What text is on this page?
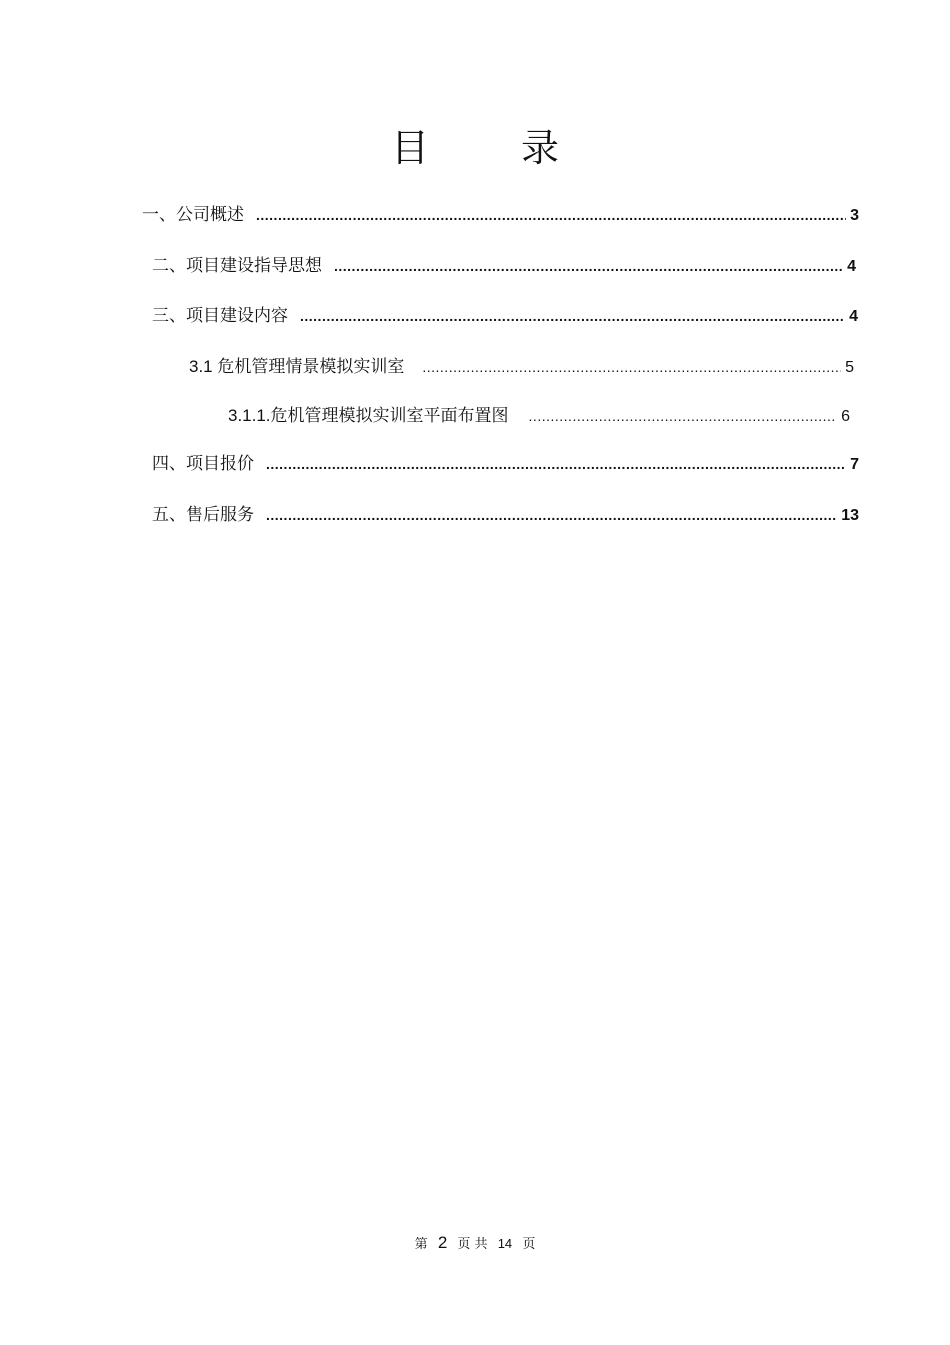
目 录
一、公司概述 .....	3
二、项目建设指导思想 .....	4
三、项目建设内容 .....	4
3.1 危机管理情景模拟实训室 .....	5
3.1.1.危机管理模拟实训室平面布置图 .....	6
四、项目报价 .....	7
五、售后服务 .....	13
第 2 页 共 14 页
